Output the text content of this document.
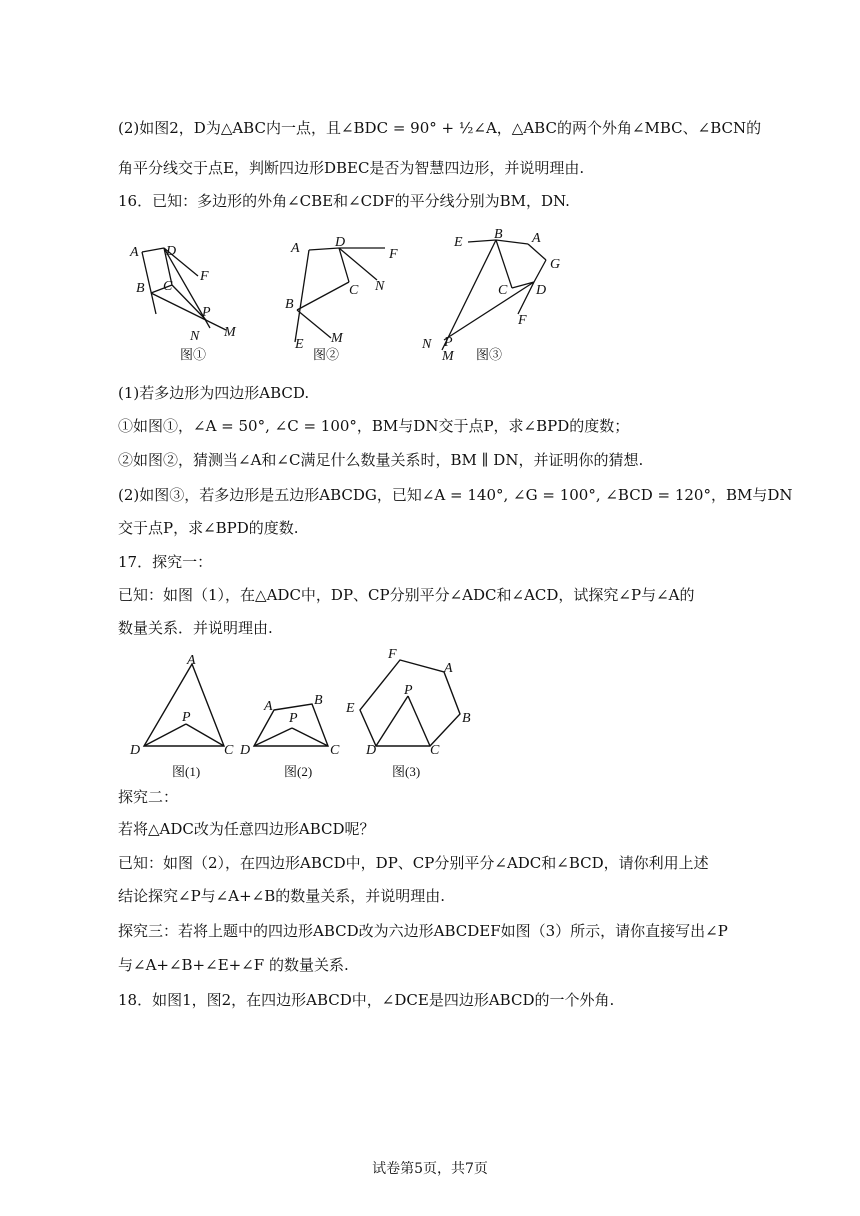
(2)如图2，D为△ABC内一点，且∠BDC = 90° + ½∠A，△ABC的两个外角∠MBC、∠BCN的
角平分线交于点E，判断四边形DBEC是否为智慧四边形，并说明理由.
16．已知：多边形的外角∠CBE和∠CDF的平分线分别为BM，DN.
A D
F
B C
P
N M
图①
A	D
F
C N
B
E M
图②
E
B A
G
C D
F
N P
M 图③
(1)若多边形为四边形ABCD.
①如图①，∠A = 50°, ∠C = 100°，BM与DN交于点P，求∠BPD的度数；
②如图②，猜测当∠A和∠C满足什么数量关系时，BM ∥ DN，并证明你的猜想.
(2)如图③，若多边形是五边形ABCDG，已知∠A = 140°, ∠G = 100°, ∠BCD = 120°，BM与DN
交于点P，求∠BPD的度数.
17．探究一：
已知：如图（1），在△ADC中，DP、CP分别平分∠ADC和∠ACD，试探究∠P与∠A的
数量关系．并说明理由.
A
P
D	C
图(1)
A	B
P
D	C
图(2)
F
A
P
E
B
D	C
图(3)
探究二：
若将△ADC改为任意四边形ABCD呢？
已知：如图（2），在四边形ABCD中，DP、CP分别平分∠ADC和∠BCD，请你利用上述
结论探究∠P与∠A+∠B的数量关系，并说明理由.
探究三：若将上题中的四边形ABCD改为六边形ABCDEF如图（3）所示，请你直接写出∠P
与∠A+∠B+∠E+∠F 的数量关系.
18．如图1，图2，在四边形ABCD中，∠DCE是四边形ABCD的一个外角.
试卷第5页，共7页
